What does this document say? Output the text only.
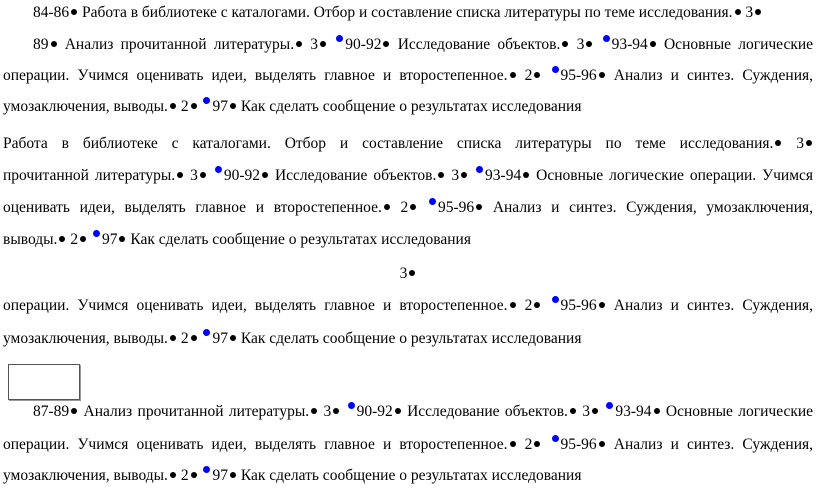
84-86 Работа в библиотеке с каталогами. Отбор и составление списка литературы по теме исследования. 3
89 Анализ прочитанной литературы. 3 90-92 Исследование объектов. 3 93-94 Основные логические
операции. Учимся оценивать идеи, выделять главное и второстепенное. 2 95-96 Анализ и синтез. Суждения,
умозаключения, выводы. 2 97 Как сделать сообщение о результатах исследования
Работа в библиотеке с каталогами. Отбор и составление списка литературы по теме исследования. 3
прочитанной литературы. 3 90-92 Исследование объектов. 3 93-94 Основные логические операции. Учимся
оценивать идеи, выделять главное и второстепенное. 2 95-96 Анализ и синтез. Суждения, умозаключения,
выводы. 2 97 Как сделать сообщение о результатах исследования
3
операции. Учимся оценивать идеи, выделять главное и второстепенное. 2 95-96 Анализ и синтез. Суждения,
умозаключения, выводы. 2 97 Как сделать сообщение о результатах исследования
87-89 Анализ прочитанной литературы. 3 90-92 Исследование объектов. 3 93-94 Основные логические
операции. Учимся оценивать идеи, выделять главное и второстепенное. 2 95-96 Анализ и синтез. Суждения,
умозаключения, выводы. 2 97 Как сделать сообщение о результатах исследования
